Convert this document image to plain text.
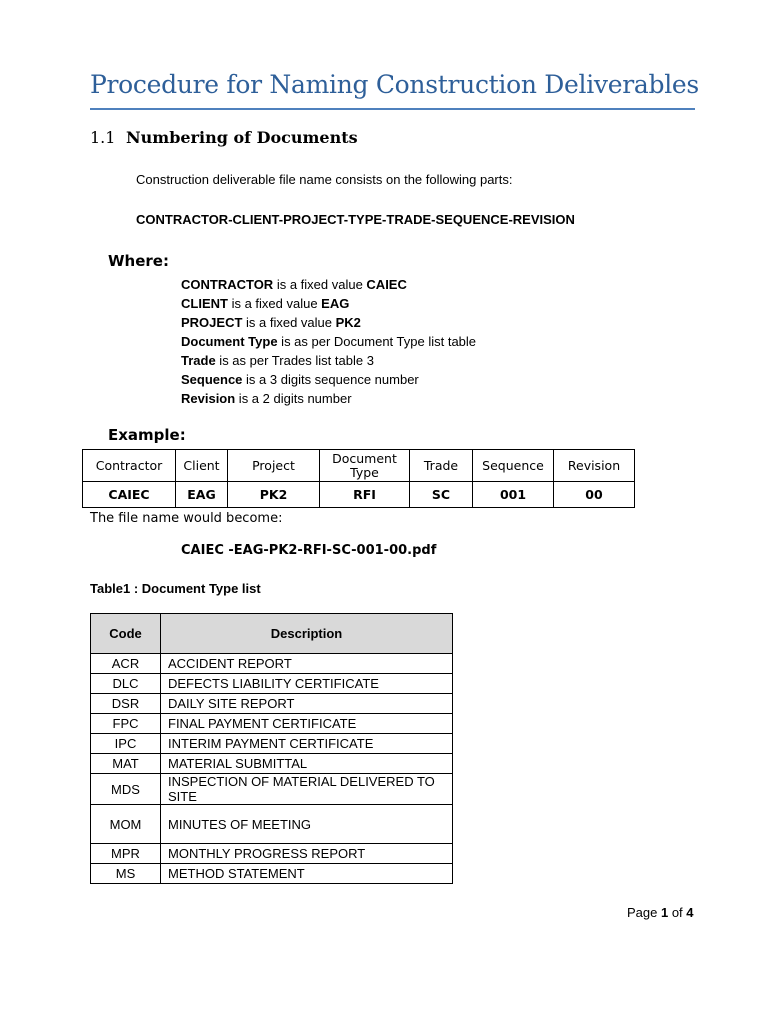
Procedure for Naming Construction Deliverables
1.1 Numbering of Documents
Construction deliverable file name consists on the following parts:
CONTRACTOR-CLIENT-PROJECT-TYPE-TRADE-SEQUENCE-REVISION
Where:
CONTRACTOR is a fixed value CAIEC
CLIENT is a fixed value EAG
PROJECT is a fixed value PK2
Document Type is as per Document Type list table
Trade is as per Trades list table 3
Sequence is a 3 digits sequence number
Revision is a 2 digits number
Example:
Contractor	Client	Project	Document Type	Trade	Sequence	Revision
CAIEC	EAG	PK2	RFI	SC	001	00
The file name would become:
CAIEC -EAG-PK2-RFI-SC-001-00.pdf
Table1 : Document Type list
Code	Description
ACR	ACCIDENT REPORT
DLC	DEFECTS LIABILITY CERTIFICATE
DSR	DAILY SITE REPORT
FPC	FINAL PAYMENT CERTIFICATE
IPC	INTERIM PAYMENT CERTIFICATE
MAT	MATERIAL SUBMITTAL
MDS	INSPECTION OF MATERIAL DELIVERED TO SITE
MOM	MINUTES OF MEETING
MPR	MONTHLY PROGRESS REPORT
MS	METHOD STATEMENT
Page 1 of 4
